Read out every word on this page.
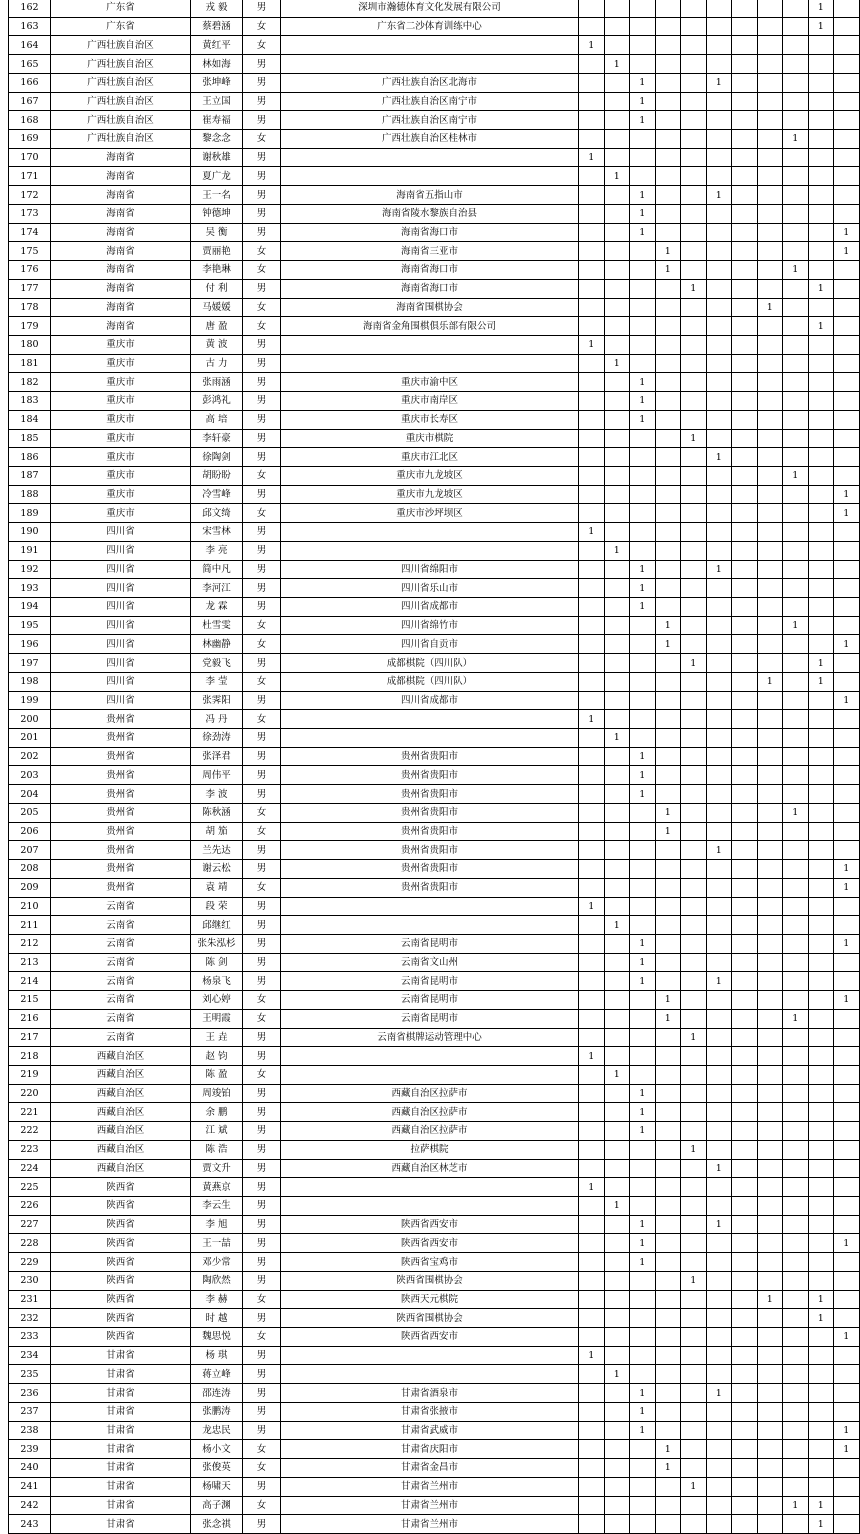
162	广东省	戎 毅	男	深圳市瀚德体育文化发展有限公司										1	
163	广东省	蔡碧涵	女	广东省二沙体育训练中心										1	
164	广西壮族自治区	黄红平	女		1										
165	广西壮族自治区	林如海	男			1									
166	广西壮族自治区	张坤峰	男	广西壮族自治区北海市			1			1					
167	广西壮族自治区	王立国	男	广西壮族自治区南宁市			1								
168	广西壮族自治区	崔寿福	男	广西壮族自治区南宁市			1								
169	广西壮族自治区	黎念念	女	广西壮族自治区桂林市									1		
170	海南省	谢秋雄	男		1										
171	海南省	夏广龙	男			1									
172	海南省	王一名	男	海南省五指山市			1			1					
173	海南省	钟德坤	男	海南省陵水黎族自治县			1								
174	海南省	吴 衡	男	海南省海口市			1								1
175	海南省	贾丽艳	女	海南省三亚市				1							1
176	海南省	李艳琳	女	海南省海口市				1					1		
177	海南省	付 利	男	海南省海口市					1					1	
178	海南省	马媛媛	女	海南省围棋协会								1			
179	海南省	唐 盈	女	海南省金角围棋俱乐部有限公司										1	
180	重庆市	黄 波	男		1										
181	重庆市	古 力	男			1									
182	重庆市	张雨涵	男	重庆市渝中区			1								
183	重庆市	彭鸿礼	男	重庆市南岸区			1								
184	重庆市	高 培	男	重庆市长寿区			1								
185	重庆市	李轩豪	男	重庆市棋院					1						
186	重庆市	徐陶剑	男	重庆市江北区						1					
187	重庆市	胡盼盼	女	重庆市九龙坡区									1		
188	重庆市	冷雪峰	男	重庆市九龙坡区											1
189	重庆市	邱文绮	女	重庆市沙坪坝区											1
190	四川省	宋雪林	男		1										
191	四川省	李 亮	男			1									
192	四川省	简中凡	男	四川省绵阳市			1			1					
193	四川省	李河江	男	四川省乐山市			1								
194	四川省	龙 霖	男	四川省成都市			1								
195	四川省	杜雪雯	女	四川省绵竹市				1					1		
196	四川省	林幽静	女	四川省自贡市				1							1
197	四川省	党毅飞	男	成都棋院（四川队）					1					1	
198	四川省	李 莹	女	成都棋院（四川队）								1		1	
199	四川省	张霁阳	男	四川省成都市											1
200	贵州省	冯 丹	女		1										
201	贵州省	徐劲涛	男			1									
202	贵州省	张泽君	男	贵州省贵阳市			1								
203	贵州省	周伟平	男	贵州省贵阳市			1								
204	贵州省	李 波	男	贵州省贵阳市			1								
205	贵州省	陈秋涵	女	贵州省贵阳市				1					1		
206	贵州省	胡 笳	女	贵州省贵阳市				1							
207	贵州省	兰先达	男	贵州省贵阳市						1					
208	贵州省	谢云松	男	贵州省贵阳市											1
209	贵州省	袁 靖	女	贵州省贵阳市											1
210	云南省	段 荣	男		1										
211	云南省	邱继红	男			1									
212	云南省	张朱泓杉	男	云南省昆明市			1								1
213	云南省	陈 剑	男	云南省文山州			1								
214	云南省	杨泉飞	男	云南省昆明市			1			1					
215	云南省	刘心婷	女	云南省昆明市				1							1
216	云南省	王明霞	女	云南省昆明市				1					1		
217	云南省	王 垚	男	云南省棋牌运动管理中心					1						
218	西藏自治区	赵 钧	男		1										
219	西藏自治区	陈 盈	女			1									
220	西藏自治区	周竣铂	男	西藏自治区拉萨市			1								
221	西藏自治区	余 鹏	男	西藏自治区拉萨市			1								
222	西藏自治区	江 斌	男	西藏自治区拉萨市			1								
223	西藏自治区	陈 浩	男	拉萨棋院					1						
224	西藏自治区	贾文升	男	西藏自治区林芝市						1					
225	陕西省	黄燕京	男		1										
226	陕西省	李云生	男			1									
227	陕西省	李 旭	男	陕西省西安市			1			1					
228	陕西省	王一喆	男	陕西省西安市			1								1
229	陕西省	邓少常	男	陕西省宝鸡市			1								
230	陕西省	陶欣然	男	陕西省围棋协会					1						
231	陕西省	李 赫	女	陕西天元棋院								1		1	
232	陕西省	时 越	男	陕西省围棋协会										1	
233	陕西省	魏思悦	女	陕西省西安市											1
234	甘肃省	杨 琪	男		1										
235	甘肃省	蒋立峰	男			1									
236	甘肃省	邵连涛	男	甘肃省酒泉市			1			1					
237	甘肃省	张鹏涛	男	甘肃省张掖市			1								
238	甘肃省	龙忠民	男	甘肃省武威市			1								1
239	甘肃省	杨小文	女	甘肃省庆阳市				1							1
240	甘肃省	张俊英	女	甘肃省金昌市				1							
241	甘肃省	杨啸天	男	甘肃省兰州市					1						
242	甘肃省	高子渊	女	甘肃省兰州市									1	1	
243	甘肃省	张念祺	男	甘肃省兰州市										1	
